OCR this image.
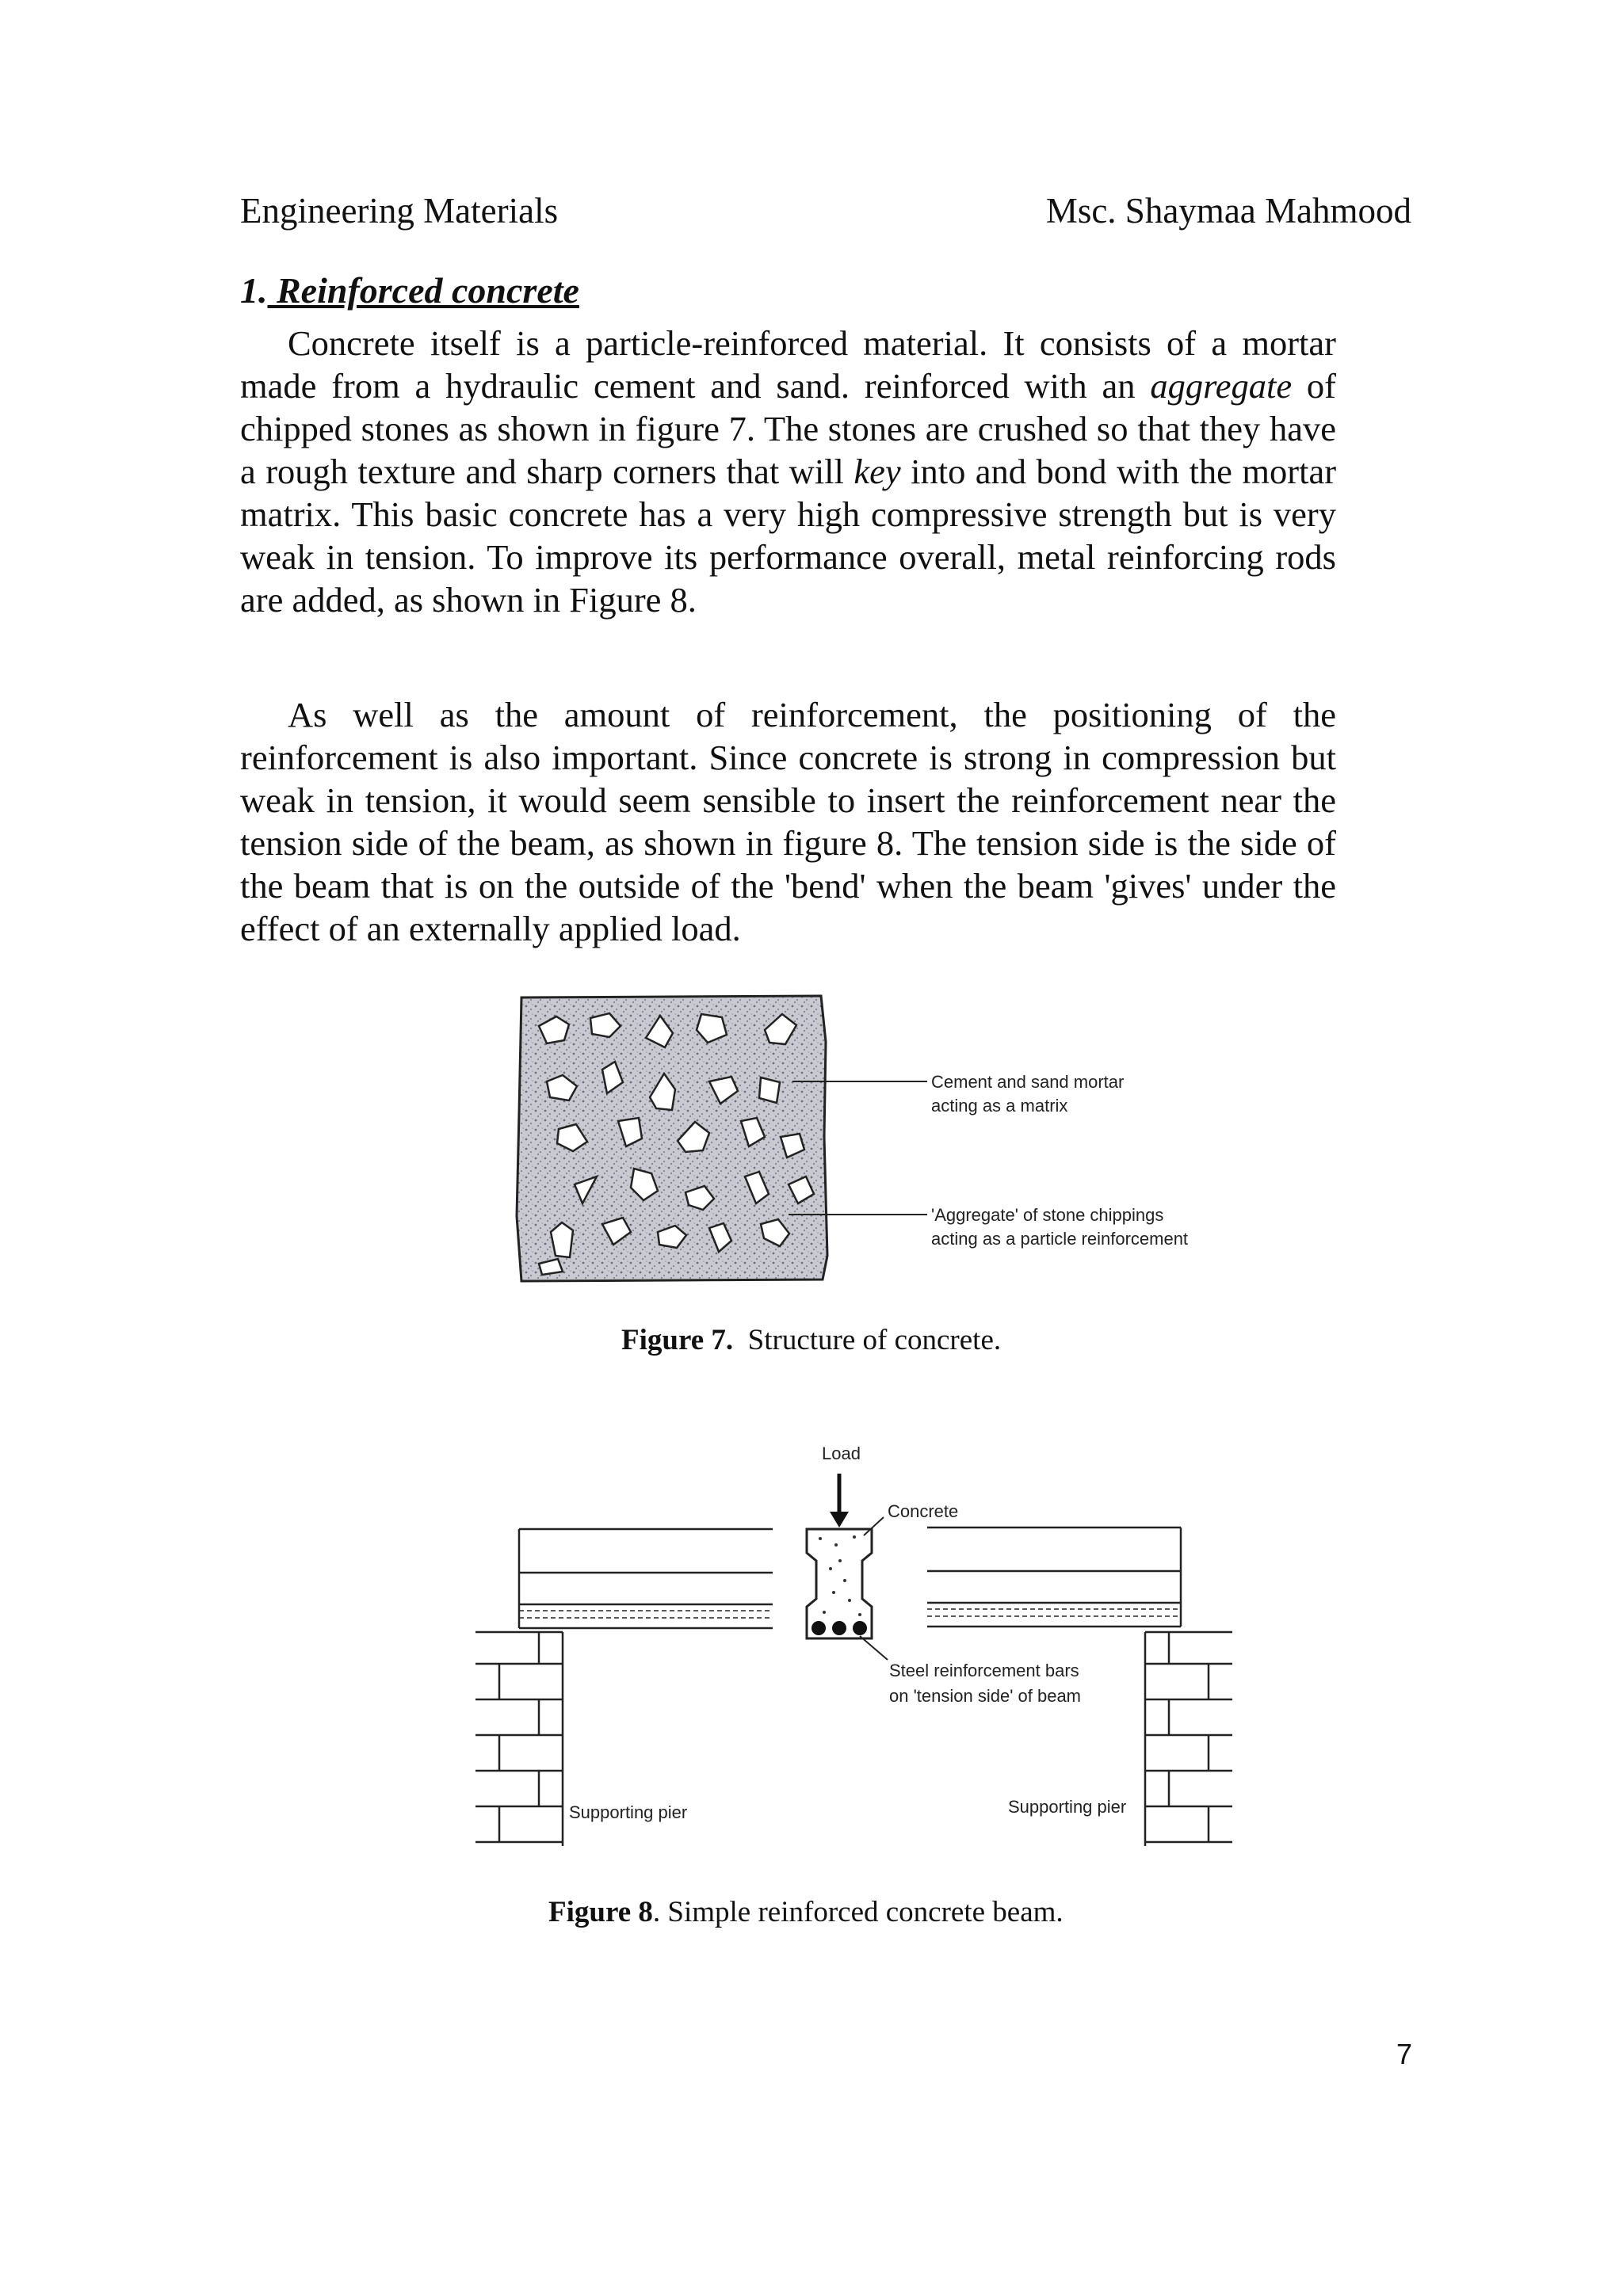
Engineering Materials	Msc. Shaymaa Mahmood
1. Reinforced concrete

Concrete itself is a particle-reinforced material. It consists of a mortar made from a hydraulic cement and sand. reinforced with an aggregate of chipped stones as shown in figure 7. The stones are crushed so that they have a rough texture and sharp corners that will key into and bond with the mortar matrix. This basic concrete has a very high compressive strength but is very weak in tension. To improve its performance overall, metal reinforcing rods are added, as shown in Figure 8.

As well as the amount of reinforcement, the positioning of the reinforcement is also important. Since concrete is strong in compression but weak in tension, it would seem sensible to insert the reinforcement near the tension side of the beam, as shown in figure 8. The tension side is the side of the beam that is on the outside of the 'bend' when the beam 'gives' under the effect of an externally applied load.

Cement and sand mortar
acting as a matrix
'Aggregate' of stone chippings
acting as a particle reinforcement
Figure 7.  Structure of concrete.
Load
Concrete
Steel reinforcement bars
on 'tension side' of beam
Supporting pier	Supporting pier
Figure 8. Simple reinforced concrete beam.
7
